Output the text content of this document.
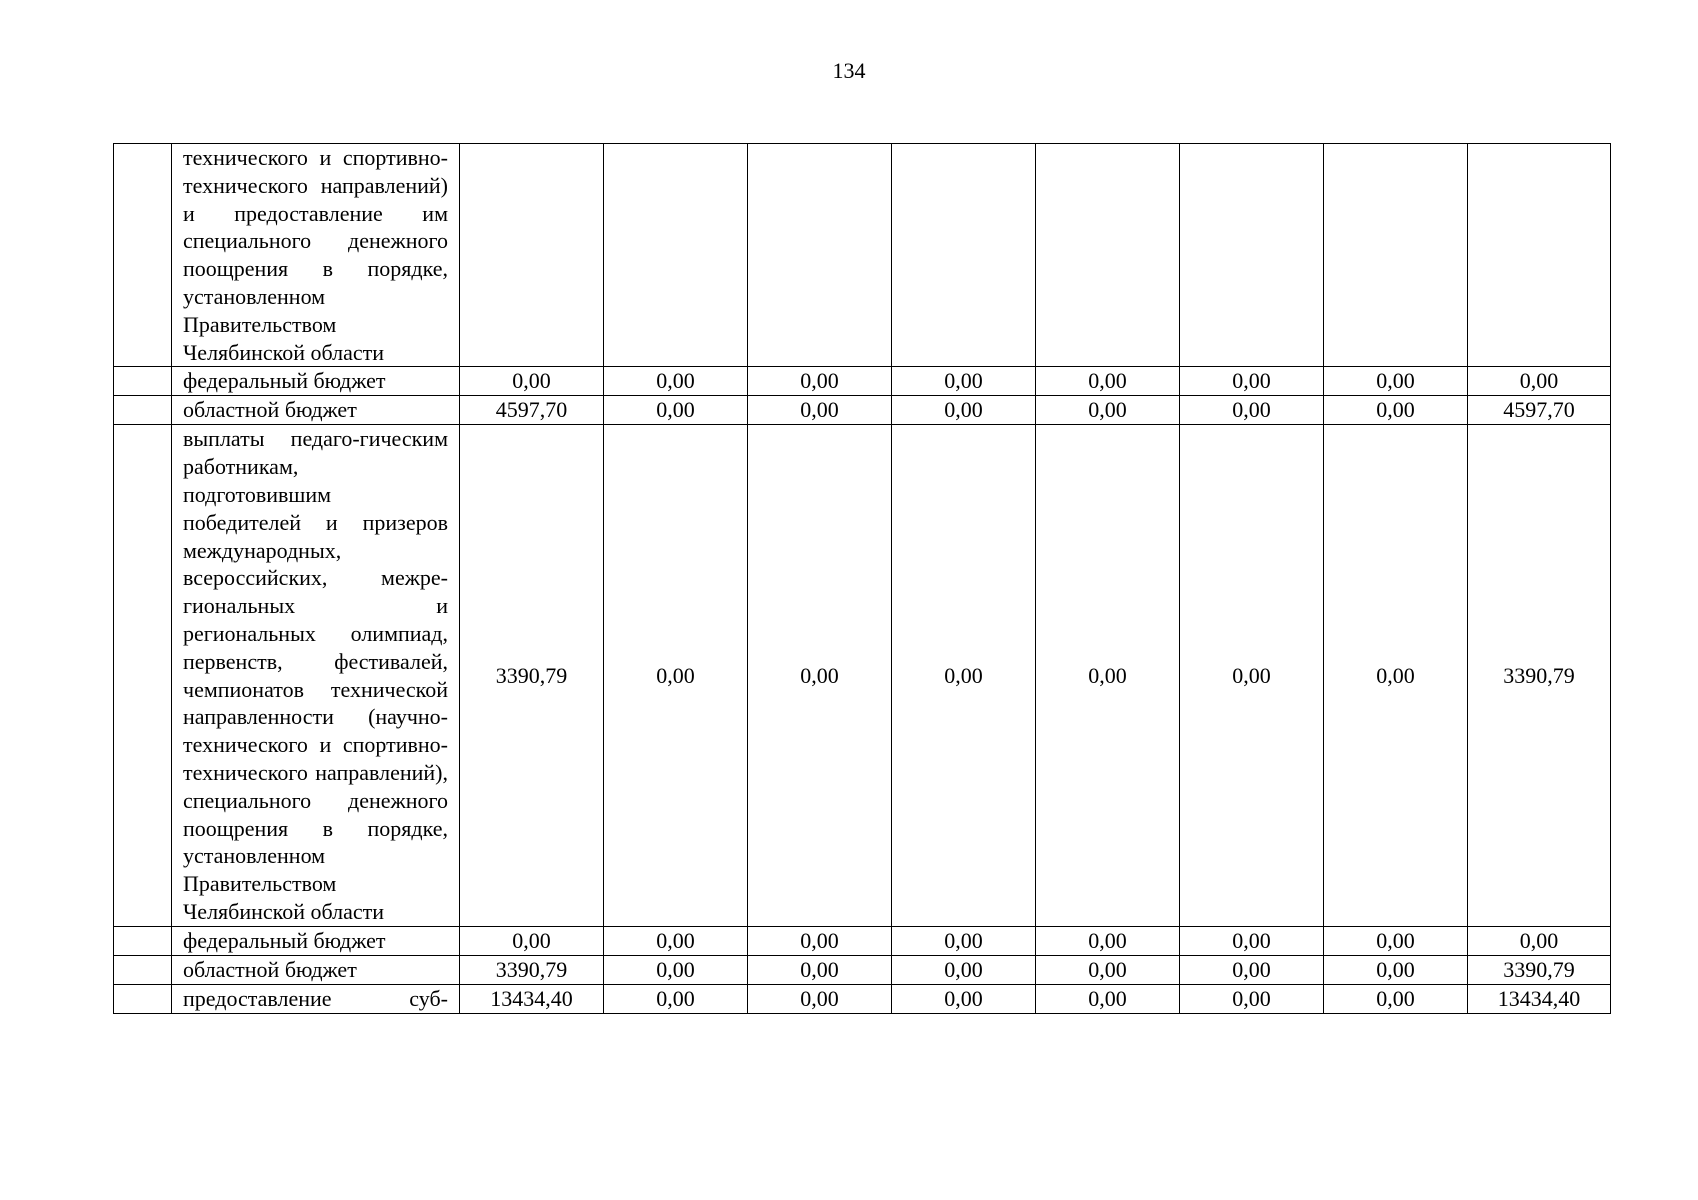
134

	технического и спортивно-технического направлений) и предоставление им специального денежного поощрения в порядке, установленном Правительством Челябинской области								

	федеральный бюджет	0,00	0,00	0,00	0,00	0,00	0,00	0,00	0,00

	областной бюджет	4597,70	0,00	0,00	0,00	0,00	0,00	0,00	4597,70

	выплаты педаго-гическим работникам, подготовившим победителей и призеров международных, всероссийских, межре-гиональных и региональных олимпиад, первенств, фестивалей, чемпионатов технической направленности (научно-технического и спортивно-технического направлений), специального денежного поощрения в порядке, установленном Правительством Челябинской области	3390,79	0,00	0,00	0,00	0,00	0,00	0,00	3390,79

	федеральный бюджет	0,00	0,00	0,00	0,00	0,00	0,00	0,00	0,00

	областной бюджет	3390,79	0,00	0,00	0,00	0,00	0,00	0,00	3390,79

	предоставление суб-	13434,40	0,00	0,00	0,00	0,00	0,00	0,00	13434,40
